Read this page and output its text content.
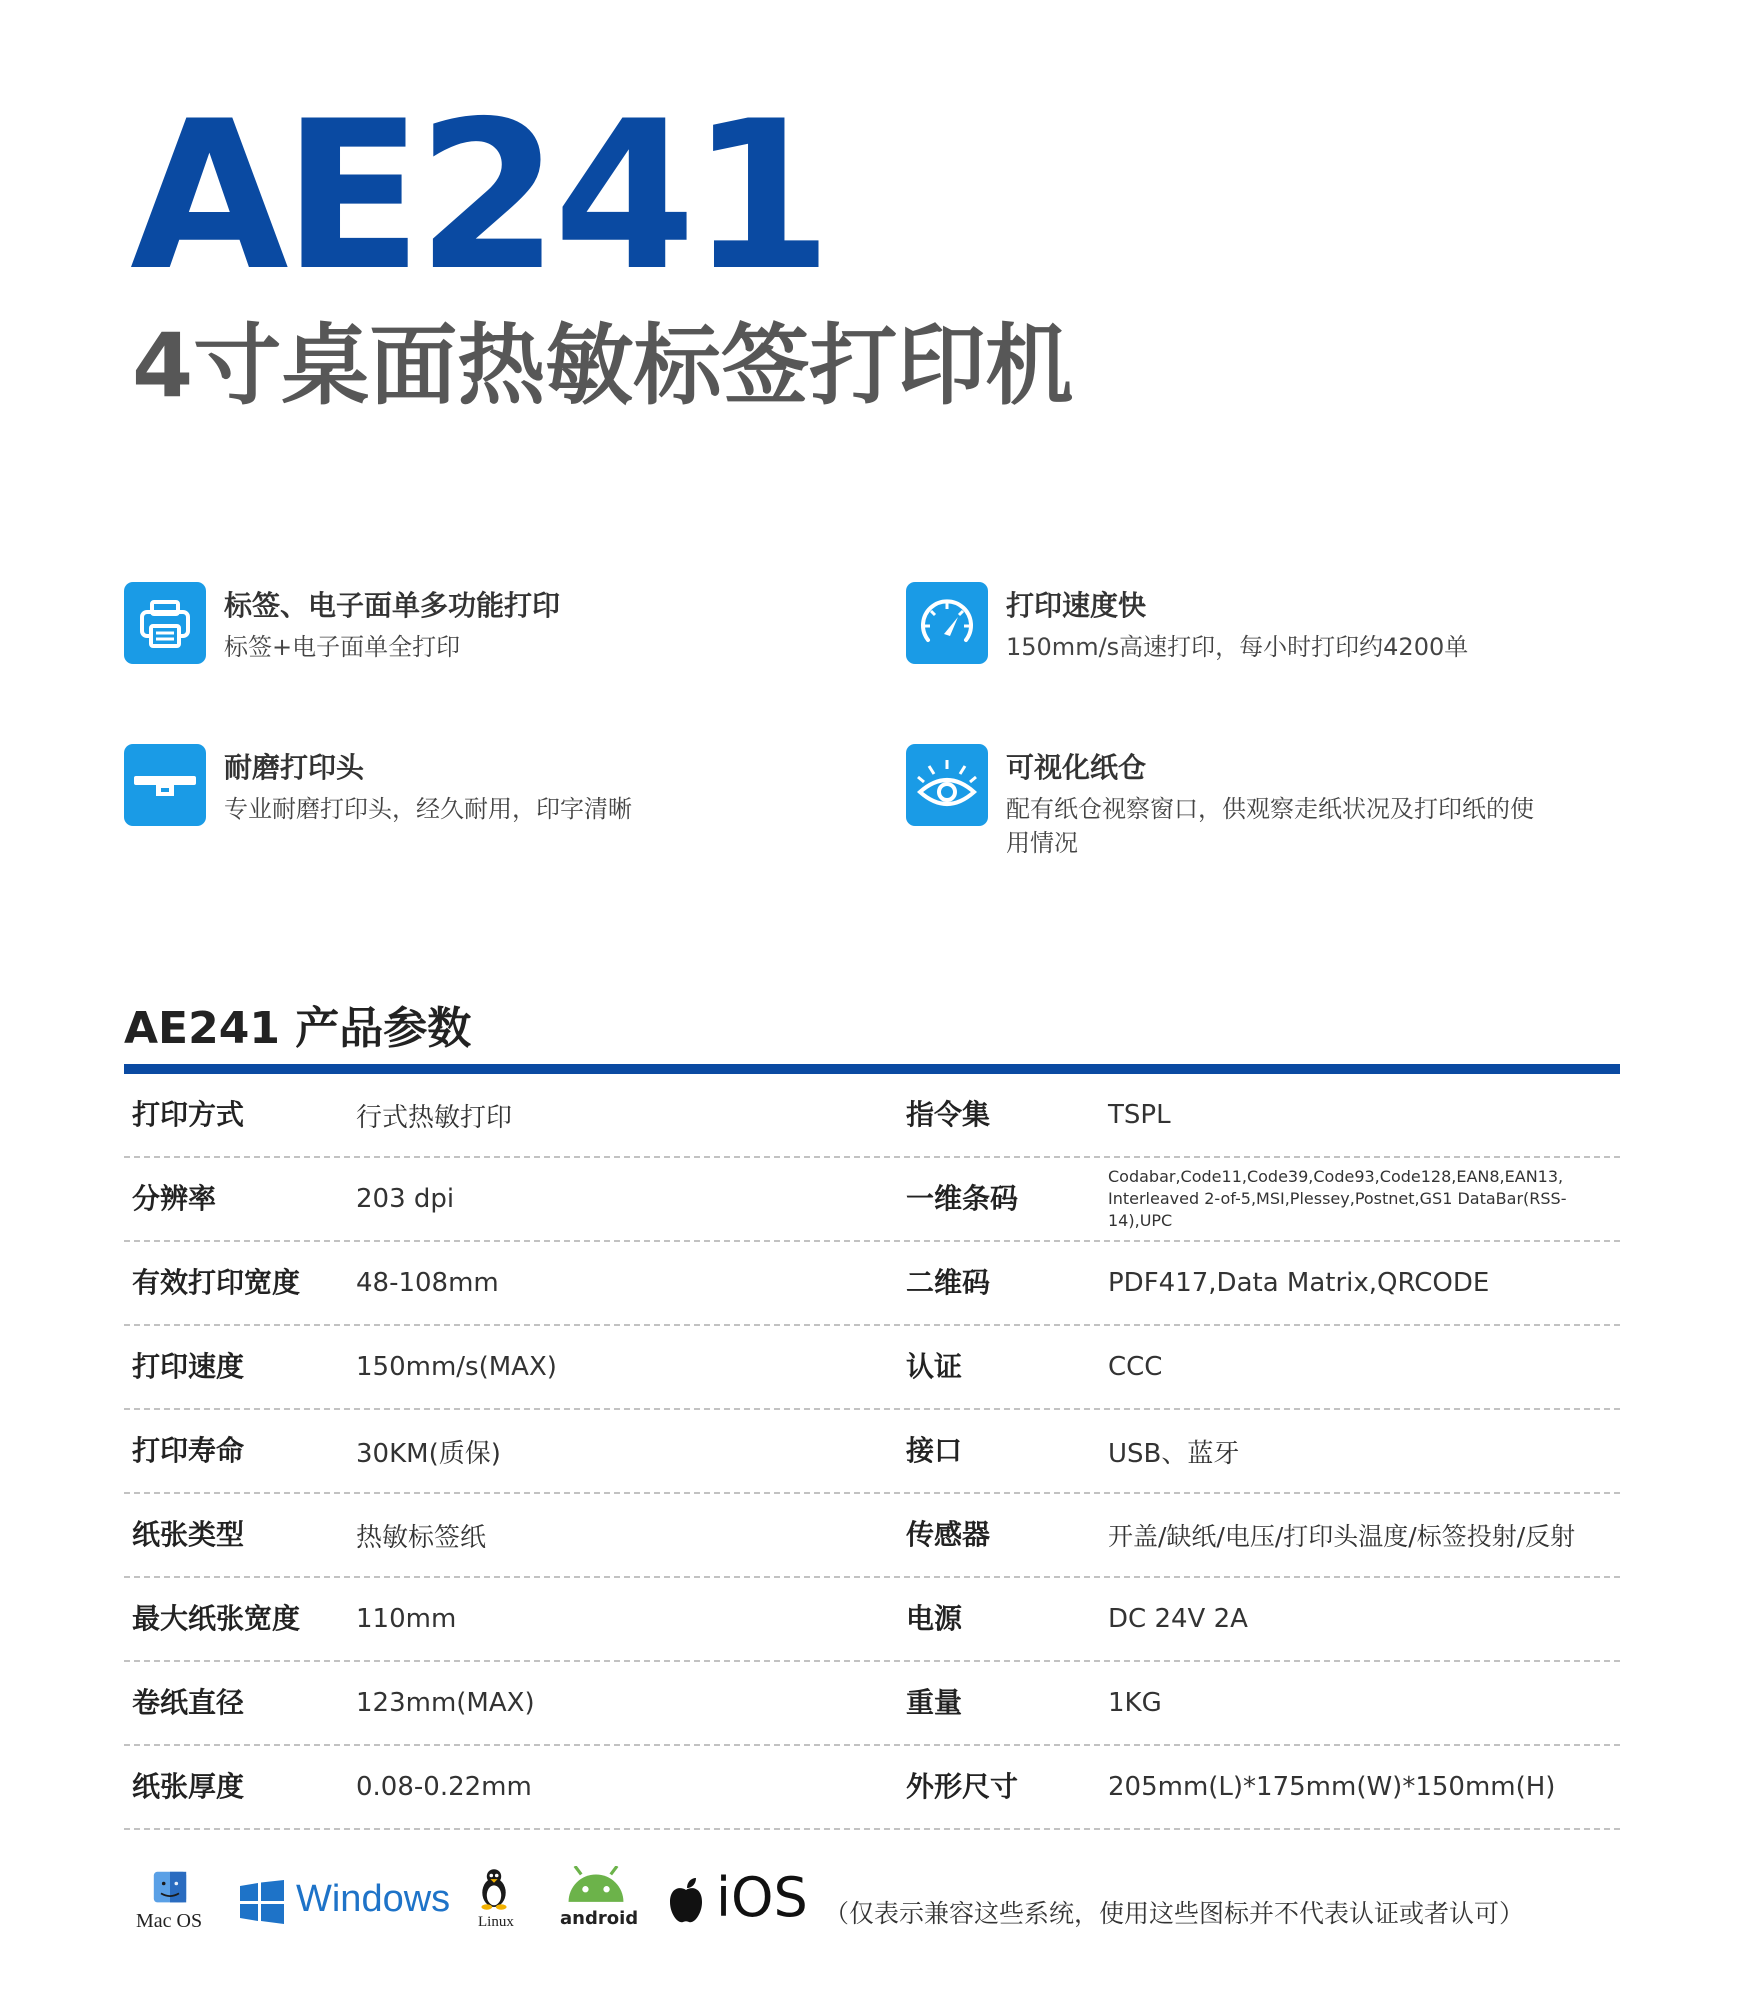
AE241
4寸桌面热敏标签打印机
标签、电子面单多功能打印
标签+电子面单全打印
打印速度快
150mm/s高速打印，每小时打印约4200单
耐磨打印头
专业耐磨打印头，经久耐用，印字清晰
可视化纸仓
配有纸仓视察窗口，供观察走纸状况及打印纸的使用情况
AE241 产品参数
打印方式	行式热敏打印	指令集	TSPL
分辨率	203 dpi	一维条码
Codabar,Code11,Code39,Code93,Code128,EAN8,EAN13, Interleaved 2-of-5,MSI,Plessey,Postnet,GS1 DataBar(RSS-14),UPC
有效打印宽度 48-108mm	二维码	PDF417,Data Matrix,QRCODE
打印速度	150mm/s(MAX)	认证	CCC
打印寿命	30KM(质保)	接口	USB、蓝牙
纸张类型	热敏标签纸	传感器	开盖/缺纸/电压/打印头温度/标签投射/反射
最大纸张宽度 110mm	电源	DC 24V 2A
卷纸直径	123mm(MAX)	重量	1KG
纸张厚度	0.08-0.22mm	外形尺寸	205mm(L)*175mm(W)*150mm(H)
Mac OS
Windows
Linux	android iOS （仅表示兼容这些系统，使用这些图标并不代表认证或者认可）
